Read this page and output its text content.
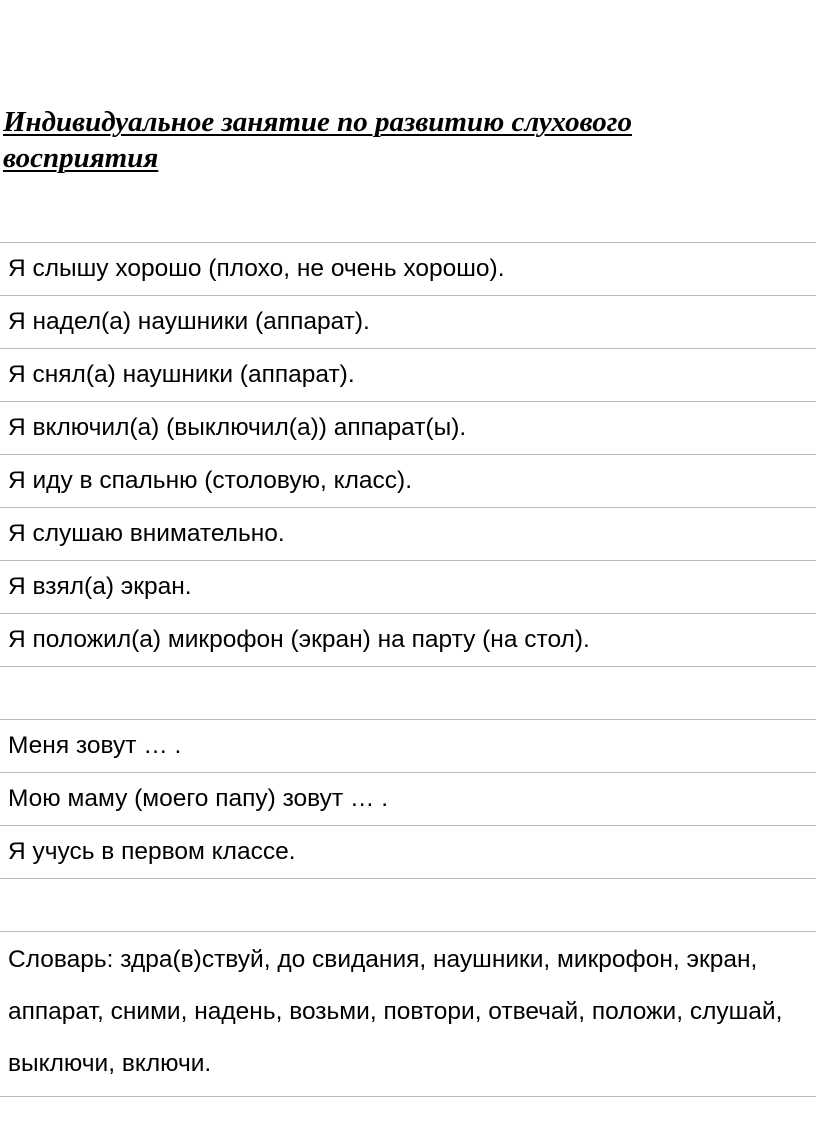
Индивидуальное занятие по развитию слухового восприятия
Я слышу хорошо (плохо, не очень хорошо).
Я надел(а) наушники (аппарат).
Я снял(а) наушники (аппарат).
Я включил(а) (выключил(а)) аппарат(ы).
Я иду в спальню (столовую, класс).
Я слушаю внимательно.
Я взял(а) экран.
Я положил(а) микрофон (экран) на парту (на стол).

Меня зовут … .
Мою маму (моего папу) зовут … .
Я учусь в первом классе.

Словарь: здра(в)ствуй, до свидания, наушники, микрофон, экран, аппарат, сними, надень, возьми, повтори, отвечай, положи, слушай, выключи, включи.
